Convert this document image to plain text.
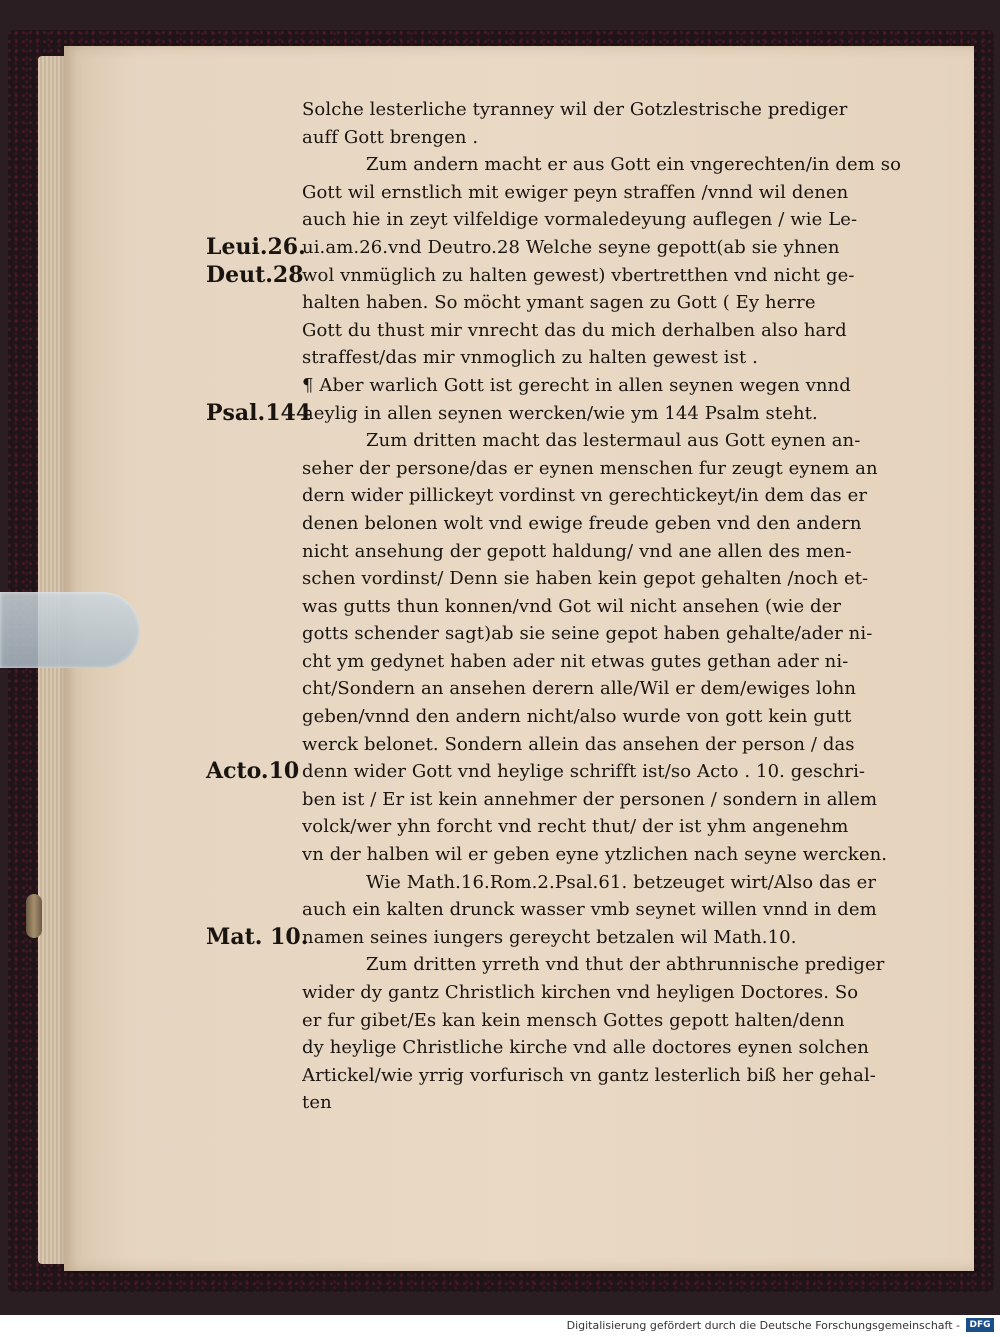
Solche lesterliche tyranney wil der Gotzlestrische prediger
auff Gott brengen .
Zum andern macht er aus Gott ein vngerechten/in dem so
Gott wil ernstlich mit ewiger peyn straffen /vnnd wil denen
auch hie in zeyt vilfeldige vormaledeyung auflegen / wie Le-
ui.am.26.vnd Deutro.28 Welche seyne gepott(ab sie yhnen
wol vnmüglich zu halten gewest) vbertretthen vnd nicht ge-
halten haben. So möcht ymant sagen zu Gott ( Ey herre
Gott du thust mir vnrecht das du mich derhalben also hard
straffest/das mir vnmoglich zu halten gewest ist .
¶ Aber warlich Gott ist gerecht in allen seynen wegen vnnd
heylig in allen seynen wercken/wie ym 144 Psalm steht.
Zum dritten macht das lestermaul aus Gott eynen an-
seher der persone/das er eynen menschen fur zeugt eynem an
dern wider pillickeyt vordinst vn gerechtickeyt/in dem das er
denen belonen wolt vnd ewige freude geben vnd den andern
nicht ansehung der gepott haldung/ vnd ane allen des men-
schen vordinst/ Denn sie haben kein gepot gehalten /noch et-
was gutts thun konnen/vnd Got wil nicht ansehen (wie der
gotts schender sagt)ab sie seine gepot haben gehalte/ader ni-
cht ym gedynet haben ader nit etwas gutes gethan ader ni-
cht/Sondern an ansehen derern alle/Wil er dem/ewiges lohn
geben/vnnd den andern nicht/also wurde von gott kein gutt
werck belonet. Sondern allein das ansehen der person / das
denn wider Gott vnd heylige schrifft ist/so Acto . 10. geschri-
ben ist / Er ist kein annehmer der personen / sondern in allem
volck/wer yhn forcht vnd recht thut/ der ist yhm angenehm
vn der halben wil er geben eyne ytzlichen nach seyne wercken.
Wie Math.16.Rom.2.Psal.61. betzeuget wirt/Also das er
auch ein kalten drunck wasser vmb seynet willen vnnd in dem
namen seines iungers gereycht betzalen wil Math.10.
Zum dritten yrreth vnd thut der abthrunnische prediger
wider dy gantz Christlich kirchen vnd heyligen Doctores. So
er fur gibet/Es kan kein mensch Gottes gepott halten/denn
dy heylige Christliche kirche vnd alle doctores eynen solchen
Artickel/wie yrrig vorfurisch vn gantz lesterlich biß her gehal-
ten
Leui.26.
Deut.28
Psal.144
Acto.10
Mat. 10.
Digitalisierung gefördert durch die Deutsche Forschungsgemeinschaft -	DFG
